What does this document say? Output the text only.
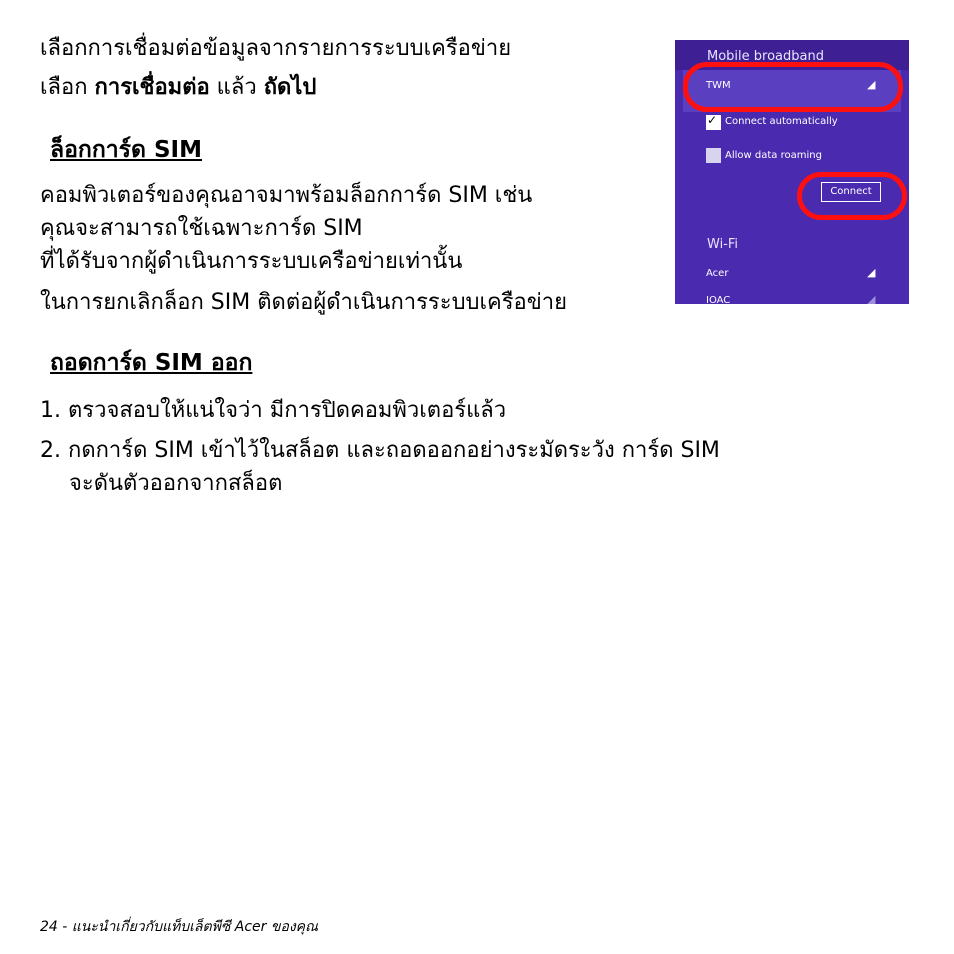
เลือกการเชื่อมต่อข้อมูลจากรายการระบบเครือข่าย
เลือก การเชื่อมต่อ แล้ว ถัดไป
ล็อกการ์ด SIM
คอมพิวเตอร์ของคุณอาจมาพร้อมล็อกการ์ด SIM เช่น
คุณจะสามารถใช้เฉพาะการ์ด SIM
ที่ได้รับจากผู้ดำเนินการระบบเครือข่ายเท่านั้น
ในการยกเลิกล็อก SIM ติดต่อผู้ดำเนินการระบบเครือข่าย
ถอดการ์ด SIM ออก
1. ตรวจสอบให้แน่ใจว่า มีการปิดคอมพิวเตอร์แล้ว
2. กดการ์ด SIM เข้าไว้ในสล็อต และถอดออกอย่างระมัดระวัง การ์ด SIM
จะดันตัวออกจากสล็อต
Mobile broadband
TWM	◢
✓ Connect automatically
Allow data roaming
Connect
Wi-Fi
Acer	◢
IOAC	◢
24 - แนะนำเกี่ยวกับแท็บเล็ตพีซี Acer ของคุณ
